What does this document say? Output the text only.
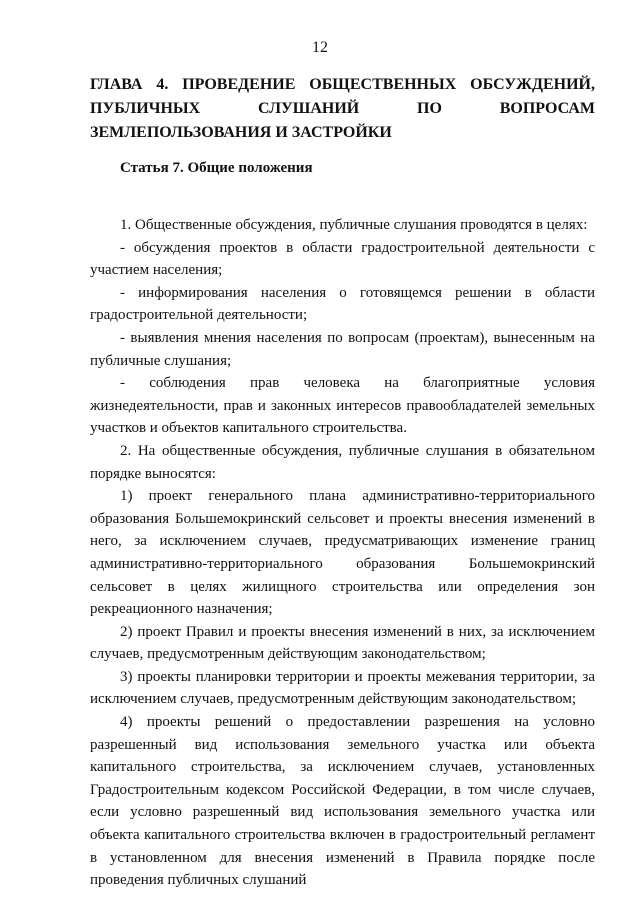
12
ГЛАВА 4. ПРОВЕДЕНИЕ ОБЩЕСТВЕННЫХ ОБСУЖДЕНИЙ, ПУБЛИЧНЫХ СЛУШАНИЙ ПО ВОПРОСАМ ЗЕМЛЕПОЛЬЗОВАНИЯ И ЗАСТРОЙКИ
Статья 7. Общие положения

1. Общественные обсуждения, публичные слушания проводятся в целях:

- обсуждения проектов в области градостроительной деятельности с участием населения;

- информирования населения о готовящемся решении в области градостроительной деятельности;

- выявления мнения населения по вопросам (проектам), вынесенным на публичные слушания;

- соблюдения прав человека на благоприятные условия жизнедеятельности, прав и законных интересов правообладателей земельных участков и объектов капитального строительства.

2. На общественные обсуждения, публичные слушания в обязательном порядке выносятся:

1) проект генерального плана административно-территориального образования Большемокринский сельсовет и проекты внесения изменений в него, за исключением случаев, предусматривающих изменение границ административно-территориального образования Большемокринский сельсовет в целях жилищного строительства или определения зон рекреационного назначения;

2) проект Правил и проекты внесения изменений в них, за исключением случаев, предусмотренным действующим законодательством;

3) проекты планировки территории и проекты межевания территории, за исключением случаев, предусмотренным действующим законодательством;

4) проекты решений о предоставлении разрешения на условно разрешенный вид использования земельного участка или объекта капитального строительства, за исключением случаев, установленных Градостроительным кодексом Российской Федерации, в том числе случаев, если условно разрешенный вид использования земельного участка или объекта капитального строительства включен в градостроительный регламент в установленном для внесения изменений в Правила порядке после проведения публичных слушаний
